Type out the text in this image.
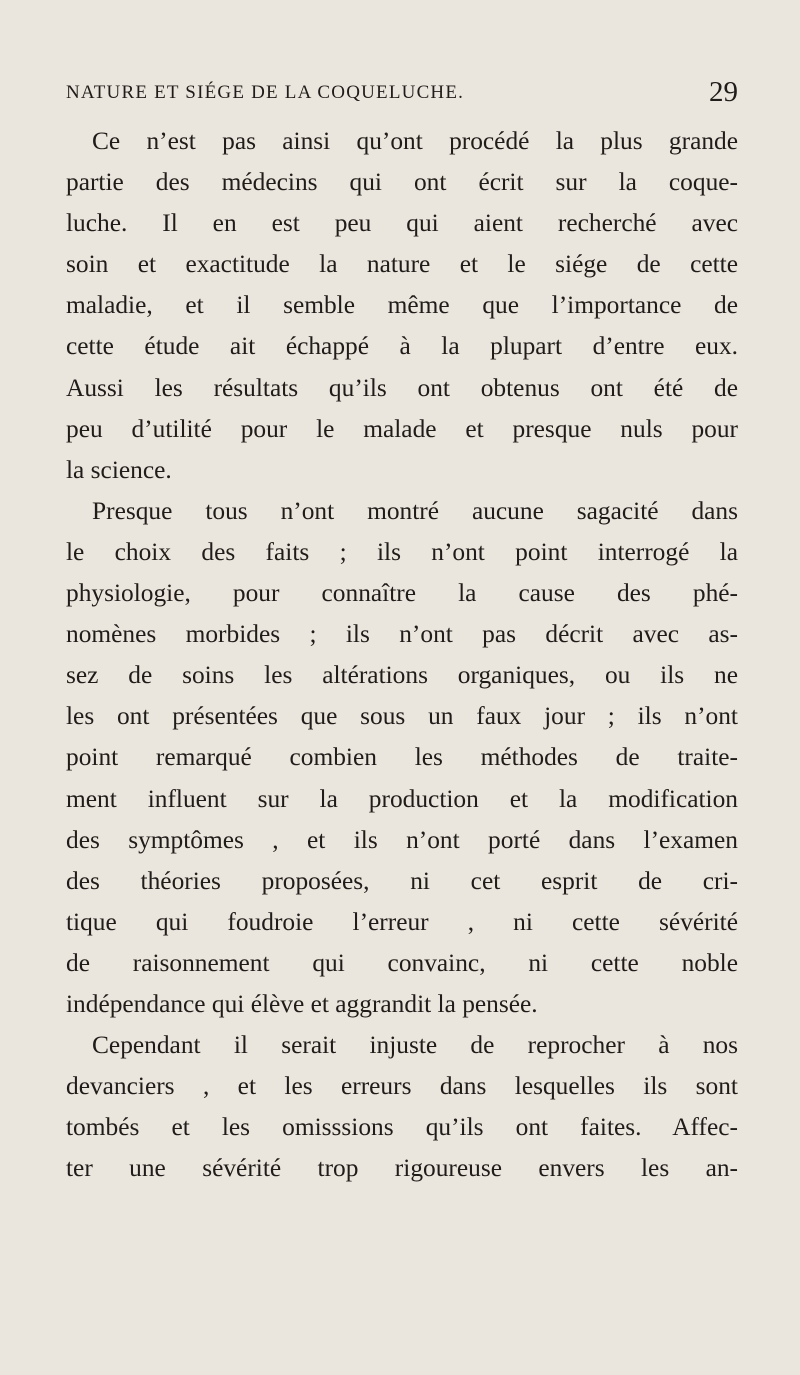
NATURE ET SIÉGE DE LA COQUELUCHE.	29
Ce n’est pas ainsi qu’ont procédé la plus grande
partie des médecins qui ont écrit sur la coque-
luche. Il en est peu qui aient recherché avec
soin et exactitude la nature et le siége de cette
maladie, et il semble même que l’importance de
cette étude ait échappé à la plupart d’entre eux.
Aussi les résultats qu’ils ont obtenus ont été de
peu d’utilité pour le malade et presque nuls pour
la science.
Presque tous n’ont montré aucune sagacité dans
le choix des faits ; ils n’ont point interrogé la
physiologie, pour connaître la cause des phé-
nomènes morbides ; ils n’ont pas décrit avec as-
sez de soins les altérations organiques, ou ils ne
les ont présentées que sous un faux jour ; ils n’ont
point remarqué combien les méthodes de traite-
ment influent sur la production et la modification
des symptômes , et ils n’ont porté dans l’examen
des théories proposées, ni cet esprit de cri-
tique qui foudroie l’erreur , ni cette sévérité
de raisonnement qui convainc, ni cette noble
indépendance qui élève et aggrandit la pensée.
Cependant il serait injuste de reprocher à nos
devanciers , et les erreurs dans lesquelles ils sont
tombés et les omisssions qu’ils ont faites. Affec-
ter une sévérité trop rigoureuse envers les an-
